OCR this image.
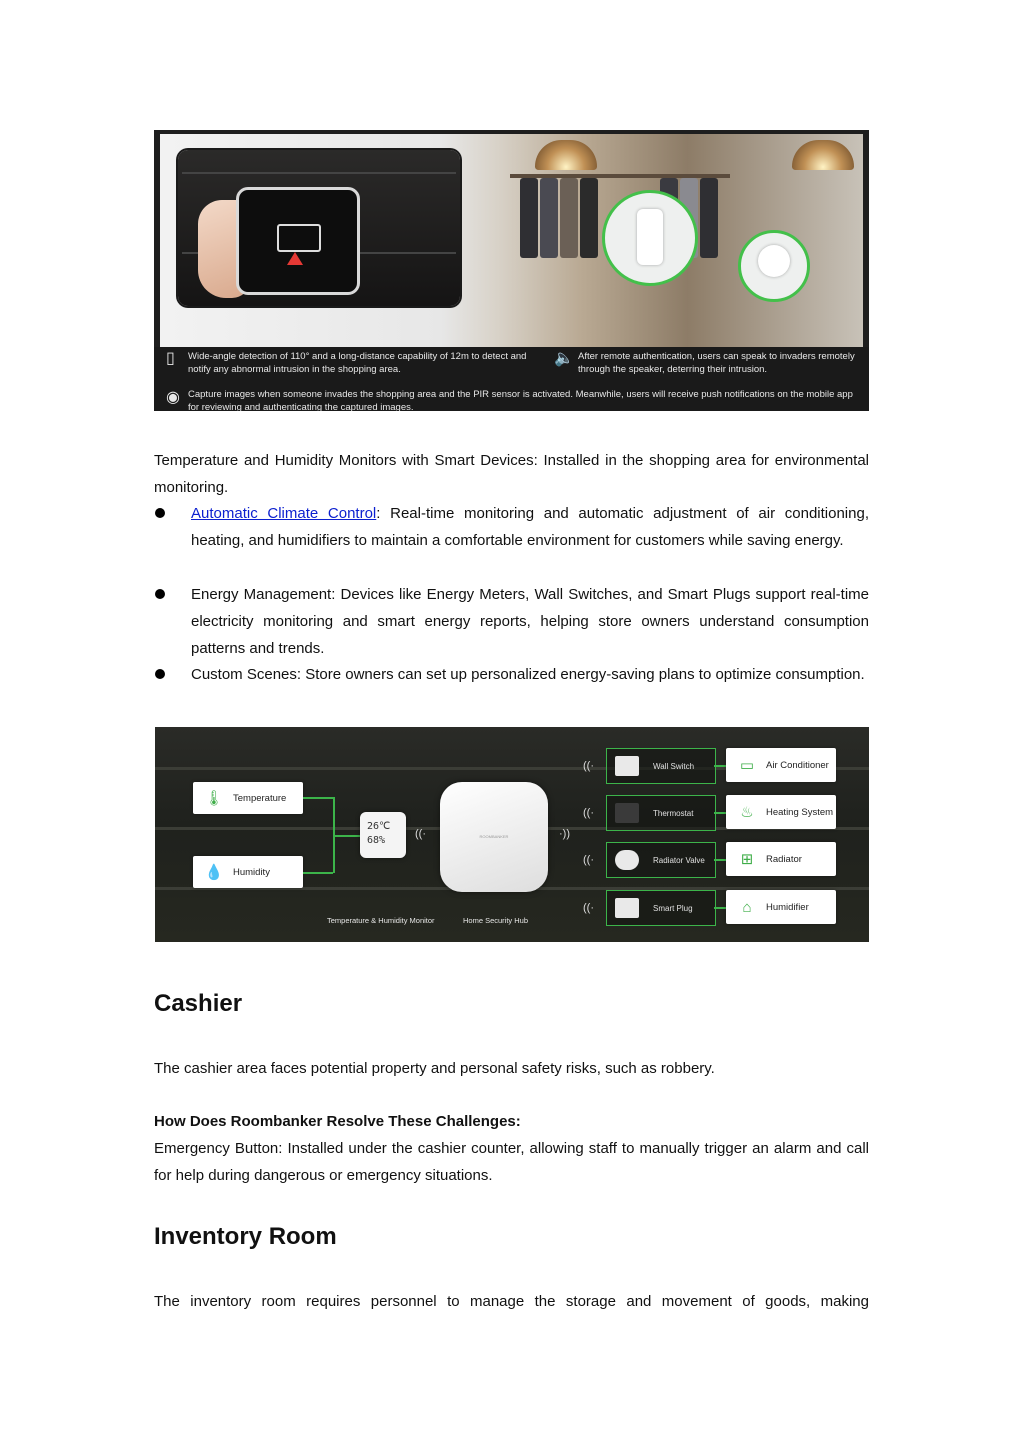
▯ Wide-angle detection of 110° and a long-distance capability of 12m to detect and notify any abnormal intrusion in the shopping area.
🔈 After remote authentication, users can speak to invaders remotely through the speaker, deterring their intrusion.
◉ Capture images when someone invades the shopping area and the PIR sensor is activated. Meanwhile, users will receive push notifications on the mobile app for reviewing and authenticating the captured images.
Temperature and Humidity Monitors with Smart Devices: Installed in the shopping area for environmental monitoring.
Automatic Climate Control: Real-time monitoring and automatic adjustment of air conditioning, heating, and humidifiers to maintain a comfortable environment for customers while saving energy.
Energy Management: Devices like Energy Meters, Wall Switches, and Smart Plugs support real-time electricity monitoring and smart energy reports, helping store owners understand consumption patterns and trends.
Custom Scenes: Store owners can set up personalized energy-saving plans to optimize consumption.
🌡 Temperature
💧	Humidity
26℃
68%
((·	ROOMBANKER	·))
Temperature & Humidity Monitor	Home Security Hub
((·	Wall Switch
((·	Thermostat
((·	Radiator Valve
((·	Smart Plug
▭	Air Conditioner
♨	Heating System
⊞	Radiator
⌂	Humidifier
Cashier
The cashier area faces potential property and personal safety risks, such as robbery.
How Does Roombanker Resolve These Challenges:
Emergency Button: Installed under the cashier counter, allowing staff to manually trigger an alarm and call for help during dangerous or emergency situations.
Inventory Room
The inventory room requires personnel to manage the storage and movement of goods, making
